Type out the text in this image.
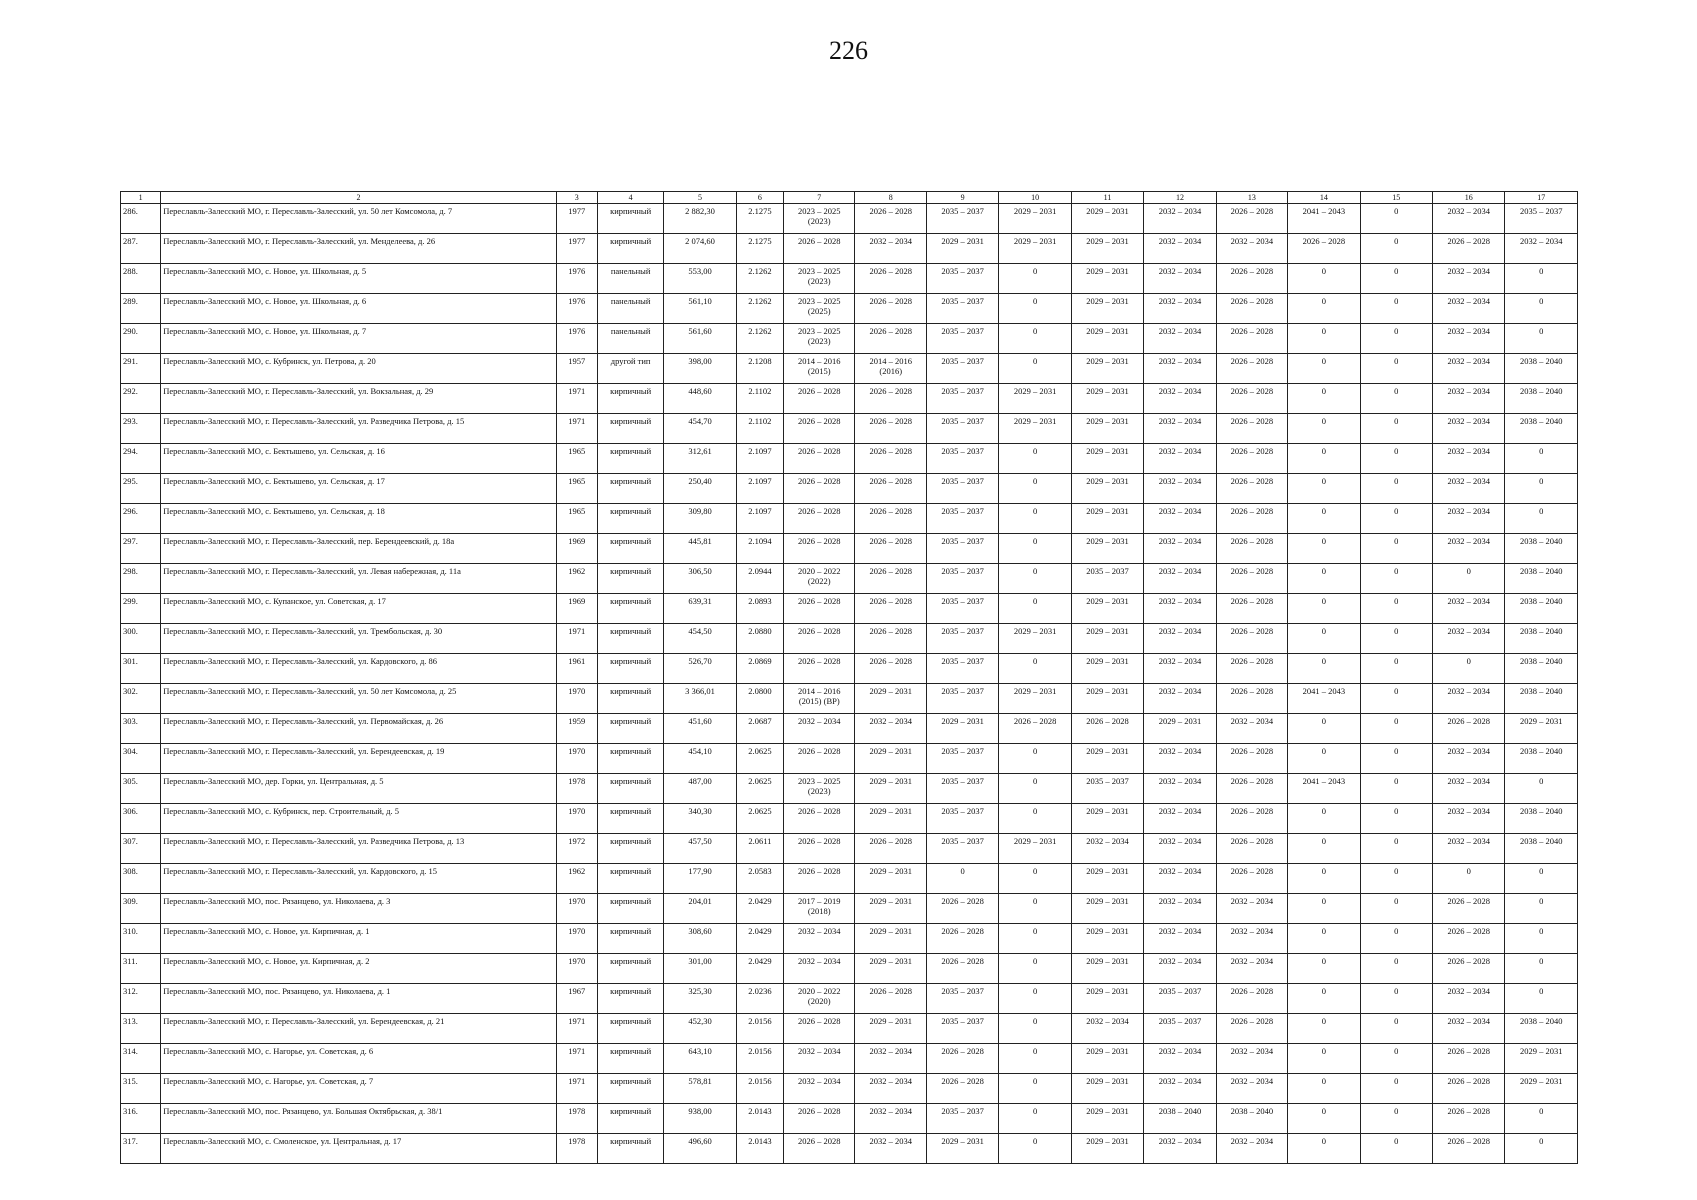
226
1	2	3	4	5	6	7	8	9	10	11	12	13	14	15	16	17
286.	Переславль-Залесский МО, г. Переславль-Залесский, ул. 50 лет Комсомола, д. 7	1977	кирпичный	2 882,30	2.1275	2023 – 2025 (2023)	2026 – 2028	2035 – 2037	2029 – 2031	2029 – 2031	2032 – 2034	2026 – 2028	2041 – 2043	0	2032 – 2034	2035 – 2037
287.	Переславль-Залесский МО, г. Переславль-Залесский, ул. Менделеева, д. 26	1977	кирпичный	2 074,60	2.1275	2026 – 2028	2032 – 2034	2029 – 2031	2029 – 2031	2029 – 2031	2032 – 2034	2032 – 2034	2026 – 2028	0	2026 – 2028	2032 – 2034
288.	Переславль-Залесский МО, с. Новое, ул. Школьная, д. 5	1976	панельный	553,00	2.1262	2023 – 2025 (2023)	2026 – 2028	2035 – 2037	0	2029 – 2031	2032 – 2034	2026 – 2028	0	0	2032 – 2034	0
289.	Переславль-Залесский МО, с. Новое, ул. Школьная, д. 6	1976	панельный	561,10	2.1262	2023 – 2025 (2025)	2026 – 2028	2035 – 2037	0	2029 – 2031	2032 – 2034	2026 – 2028	0	0	2032 – 2034	0
290.	Переславль-Залесский МО, с. Новое, ул. Школьная, д. 7	1976	панельный	561,60	2.1262	2023 – 2025 (2023)	2026 – 2028	2035 – 2037	0	2029 – 2031	2032 – 2034	2026 – 2028	0	0	2032 – 2034	0
291.	Переславль-Залесский МО, с. Кубринск, ул. Петрова, д. 20	1957	другой тип	398,00	2.1208	2014 – 2016 (2015)	2014 – 2016 (2016)	2035 – 2037	0	2029 – 2031	2032 – 2034	2026 – 2028	0	0	2032 – 2034	2038 – 2040
292.	Переславль-Залесский МО, г. Переславль-Залесский, ул. Вокзальная, д. 29	1971	кирпичный	448,60	2.1102	2026 – 2028	2026 – 2028	2035 – 2037	2029 – 2031	2029 – 2031	2032 – 2034	2026 – 2028	0	0	2032 – 2034	2038 – 2040
293.	Переславль-Залесский МО, г. Переславль-Залесский, ул. Разведчика Петрова, д. 15	1971	кирпичный	454,70	2.1102	2026 – 2028	2026 – 2028	2035 – 2037	2029 – 2031	2029 – 2031	2032 – 2034	2026 – 2028	0	0	2032 – 2034	2038 – 2040
294.	Переславль-Залесский МО, с. Бектышево, ул. Сельская, д. 16	1965	кирпичный	312,61	2.1097	2026 – 2028	2026 – 2028	2035 – 2037	0	2029 – 2031	2032 – 2034	2026 – 2028	0	0	2032 – 2034	0
295.	Переславль-Залесский МО, с. Бектышево, ул. Сельская, д. 17	1965	кирпичный	250,40	2.1097	2026 – 2028	2026 – 2028	2035 – 2037	0	2029 – 2031	2032 – 2034	2026 – 2028	0	0	2032 – 2034	0
296.	Переславль-Залесский МО, с. Бектышево, ул. Сельская, д. 18	1965	кирпичный	309,80	2.1097	2026 – 2028	2026 – 2028	2035 – 2037	0	2029 – 2031	2032 – 2034	2026 – 2028	0	0	2032 – 2034	0
297.	Переславль-Залесский МО, г. Переславль-Залесский, пер. Берендеевский, д. 18а	1969	кирпичный	445,81	2.1094	2026 – 2028	2026 – 2028	2035 – 2037	0	2029 – 2031	2032 – 2034	2026 – 2028	0	0	2032 – 2034	2038 – 2040
298.	Переславль-Залесский МО, г. Переславль-Залесский, ул. Левая набережная, д. 11а	1962	кирпичный	306,50	2.0944	2020 – 2022 (2022)	2026 – 2028	2035 – 2037	0	2035 – 2037	2032 – 2034	2026 – 2028	0	0	0	2038 – 2040
299.	Переславль-Залесский МО, с. Купанское, ул. Советская, д. 17	1969	кирпичный	639,31	2.0893	2026 – 2028	2026 – 2028	2035 – 2037	0	2029 – 2031	2032 – 2034	2026 – 2028	0	0	2032 – 2034	2038 – 2040
300.	Переславль-Залесский МО, г. Переславль-Залесский, ул. Трембольская, д. 30	1971	кирпичный	454,50	2.0880	2026 – 2028	2026 – 2028	2035 – 2037	2029 – 2031	2029 – 2031	2032 – 2034	2026 – 2028	0	0	2032 – 2034	2038 – 2040
301.	Переславль-Залесский МО, г. Переславль-Залесский, ул. Кардовского, д. 86	1961	кирпичный	526,70	2.0869	2026 – 2028	2026 – 2028	2035 – 2037	0	2029 – 2031	2032 – 2034	2026 – 2028	0	0	0	2038 – 2040
302.	Переславль-Залесский МО, г. Переславль-Залесский, ул. 50 лет Комсомола, д. 25	1970	кирпичный	3 366,01	2.0800	2014 – 2016 (2015) (ВР)	2029 – 2031	2035 – 2037	2029 – 2031	2029 – 2031	2032 – 2034	2026 – 2028	2041 – 2043	0	2032 – 2034	2038 – 2040
303.	Переславль-Залесский МО, г. Переславль-Залесский, ул. Первомайская, д. 26	1959	кирпичный	451,60	2.0687	2032 – 2034	2032 – 2034	2029 – 2031	2026 – 2028	2026 – 2028	2029 – 2031	2032 – 2034	0	0	2026 – 2028	2029 – 2031
304.	Переславль-Залесский МО, г. Переславль-Залесский, ул. Берендеевская, д. 19	1970	кирпичный	454,10	2.0625	2026 – 2028	2029 – 2031	2035 – 2037	0	2029 – 2031	2032 – 2034	2026 – 2028	0	0	2032 – 2034	2038 – 2040
305.	Переславль-Залесский МО, дер. Горки, ул. Центральная, д. 5	1978	кирпичный	487,00	2.0625	2023 – 2025 (2023)	2029 – 2031	2035 – 2037	0	2035 – 2037	2032 – 2034	2026 – 2028	2041 – 2043	0	2032 – 2034	0
306.	Переславль-Залесский МО, с. Кубринск, пер. Строительный, д. 5	1970	кирпичный	340,30	2.0625	2026 – 2028	2029 – 2031	2035 – 2037	0	2029 – 2031	2032 – 2034	2026 – 2028	0	0	2032 – 2034	2038 – 2040
307.	Переславль-Залесский МО, г. Переславль-Залесский, ул. Разведчика Петрова, д. 13	1972	кирпичный	457,50	2.0611	2026 – 2028	2026 – 2028	2035 – 2037	2029 – 2031	2032 – 2034	2032 – 2034	2026 – 2028	0	0	2032 – 2034	2038 – 2040
308.	Переславль-Залесский МО, г. Переславль-Залесский, ул. Кардовского, д. 15	1962	кирпичный	177,90	2.0583	2026 – 2028	2029 – 2031	0	0	2029 – 2031	2032 – 2034	2026 – 2028	0	0	0	0
309.	Переславль-Залесский МО, пос. Рязанцево, ул. Николаева, д. 3	1970	кирпичный	204,01	2.0429	2017 – 2019 (2018)	2029 – 2031	2026 – 2028	0	2029 – 2031	2032 – 2034	2032 – 2034	0	0	2026 – 2028	0
310.	Переславль-Залесский МО, с. Новое, ул. Кирпичная, д. 1	1970	кирпичный	308,60	2.0429	2032 – 2034	2029 – 2031	2026 – 2028	0	2029 – 2031	2032 – 2034	2032 – 2034	0	0	2026 – 2028	0
311.	Переславль-Залесский МО, с. Новое, ул. Кирпичная, д. 2	1970	кирпичный	301,00	2.0429	2032 – 2034	2029 – 2031	2026 – 2028	0	2029 – 2031	2032 – 2034	2032 – 2034	0	0	2026 – 2028	0
312.	Переславль-Залесский МО, пос. Рязанцево, ул. Николаева, д. 1	1967	кирпичный	325,30	2.0236	2020 – 2022 (2020)	2026 – 2028	2035 – 2037	0	2029 – 2031	2035 – 2037	2026 – 2028	0	0	2032 – 2034	0
313.	Переславль-Залесский МО, г. Переславль-Залесский, ул. Берендеевская, д. 21	1971	кирпичный	452,30	2.0156	2026 – 2028	2029 – 2031	2035 – 2037	0	2032 – 2034	2035 – 2037	2026 – 2028	0	0	2032 – 2034	2038 – 2040
314.	Переславль-Залесский МО, с. Нагорье, ул. Советская, д. 6	1971	кирпичный	643,10	2.0156	2032 – 2034	2032 – 2034	2026 – 2028	0	2029 – 2031	2032 – 2034	2032 – 2034	0	0	2026 – 2028	2029 – 2031
315.	Переславль-Залесский МО, с. Нагорье, ул. Советская, д. 7	1971	кирпичный	578,81	2.0156	2032 – 2034	2032 – 2034	2026 – 2028	0	2029 – 2031	2032 – 2034	2032 – 2034	0	0	2026 – 2028	2029 – 2031
316.	Переславль-Залесский МО, пос. Рязанцево, ул. Большая Октябрьская, д. 38/1	1978	кирпичный	938,00	2.0143	2026 – 2028	2032 – 2034	2035 – 2037	0	2029 – 2031	2038 – 2040	2038 – 2040	0	0	2026 – 2028	0
317.	Переславль-Залесский МО, с. Смоленское, ул. Центральная, д. 17	1978	кирпичный	496,60	2.0143	2026 – 2028	2032 – 2034	2029 – 2031	0	2029 – 2031	2032 – 2034	2032 – 2034	0	0	2026 – 2028	0
